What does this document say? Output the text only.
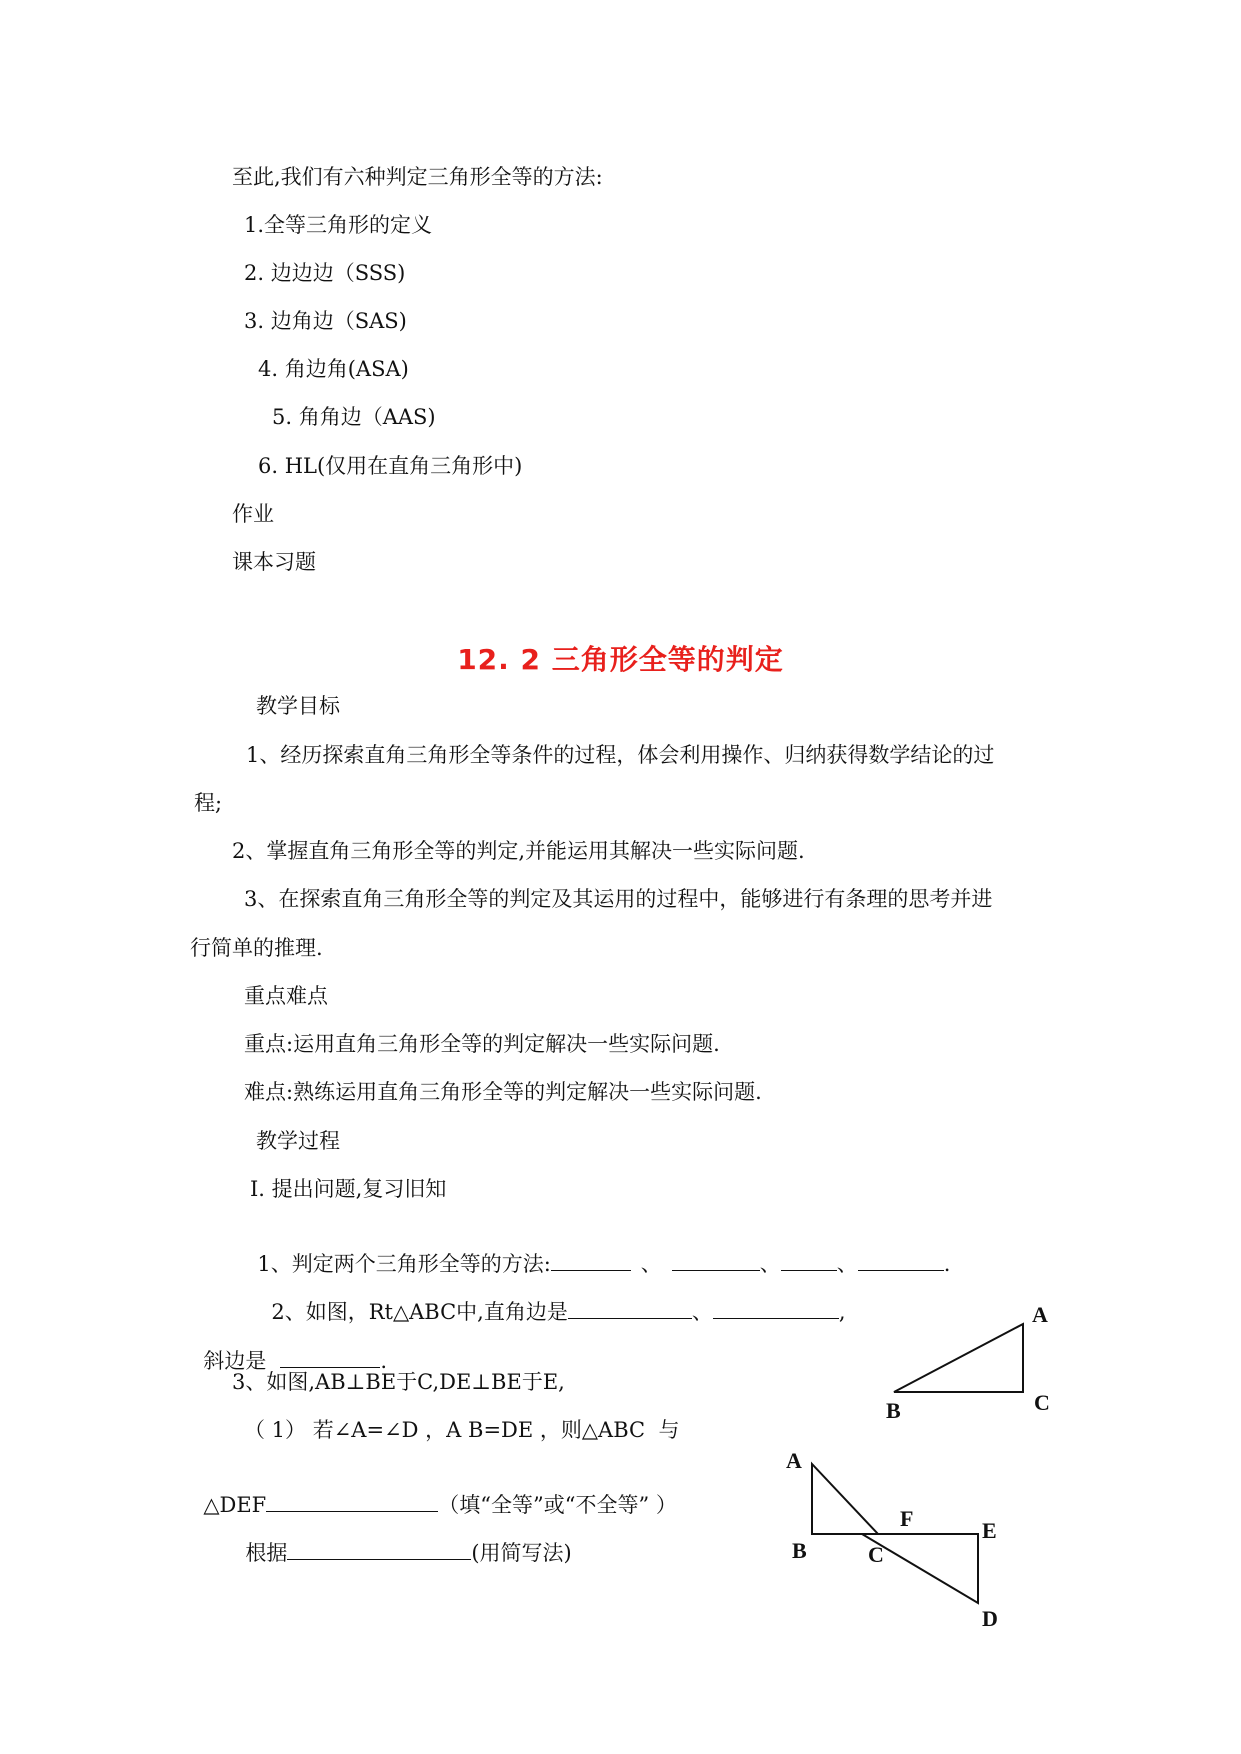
至此,我们有六种判定三角形全等的方法:
1.全等三角形的定义
2. 边边边（SSS)
3. 边角边（SAS)
4. 角边角(ASA)
5. 角角边（AAS)
6. HL(仅用在直角三角形中)
作业
课本习题
12. 2 三角形全等的判定
教学目标
1、经历探索直角三角形全等条件的过程，体会利用操作、归纳获得数学结论的过
程;
2、掌握直角三角形全等的判定,并能运用其解决一些实际问题.
3、在探索直角三角形全等的判定及其运用的过程中，能够进行有条理的思考并进
行简单的推理.
重点难点
重点:运用直角三角形全等的判定解决一些实际问题.
难点:熟练运用直角三角形全等的判定解决一些实际问题.
教学过程
Ⅰ. 提出问题,复习旧知

1、判定两个三角形全等的方法:	、	、	、	.

2、如图，Rt△ABC中,直角边是	、	,

斜边是	.

3、如图,AB⊥BE于C,DE⊥BE于E,
（ 1） 若∠A=∠D ，A B=DE ，则△ABC  与

△DEF	（填“全等”或“不全等” ）

根据	(用简写法)

A
B	C
A
B	C
F	E
D
